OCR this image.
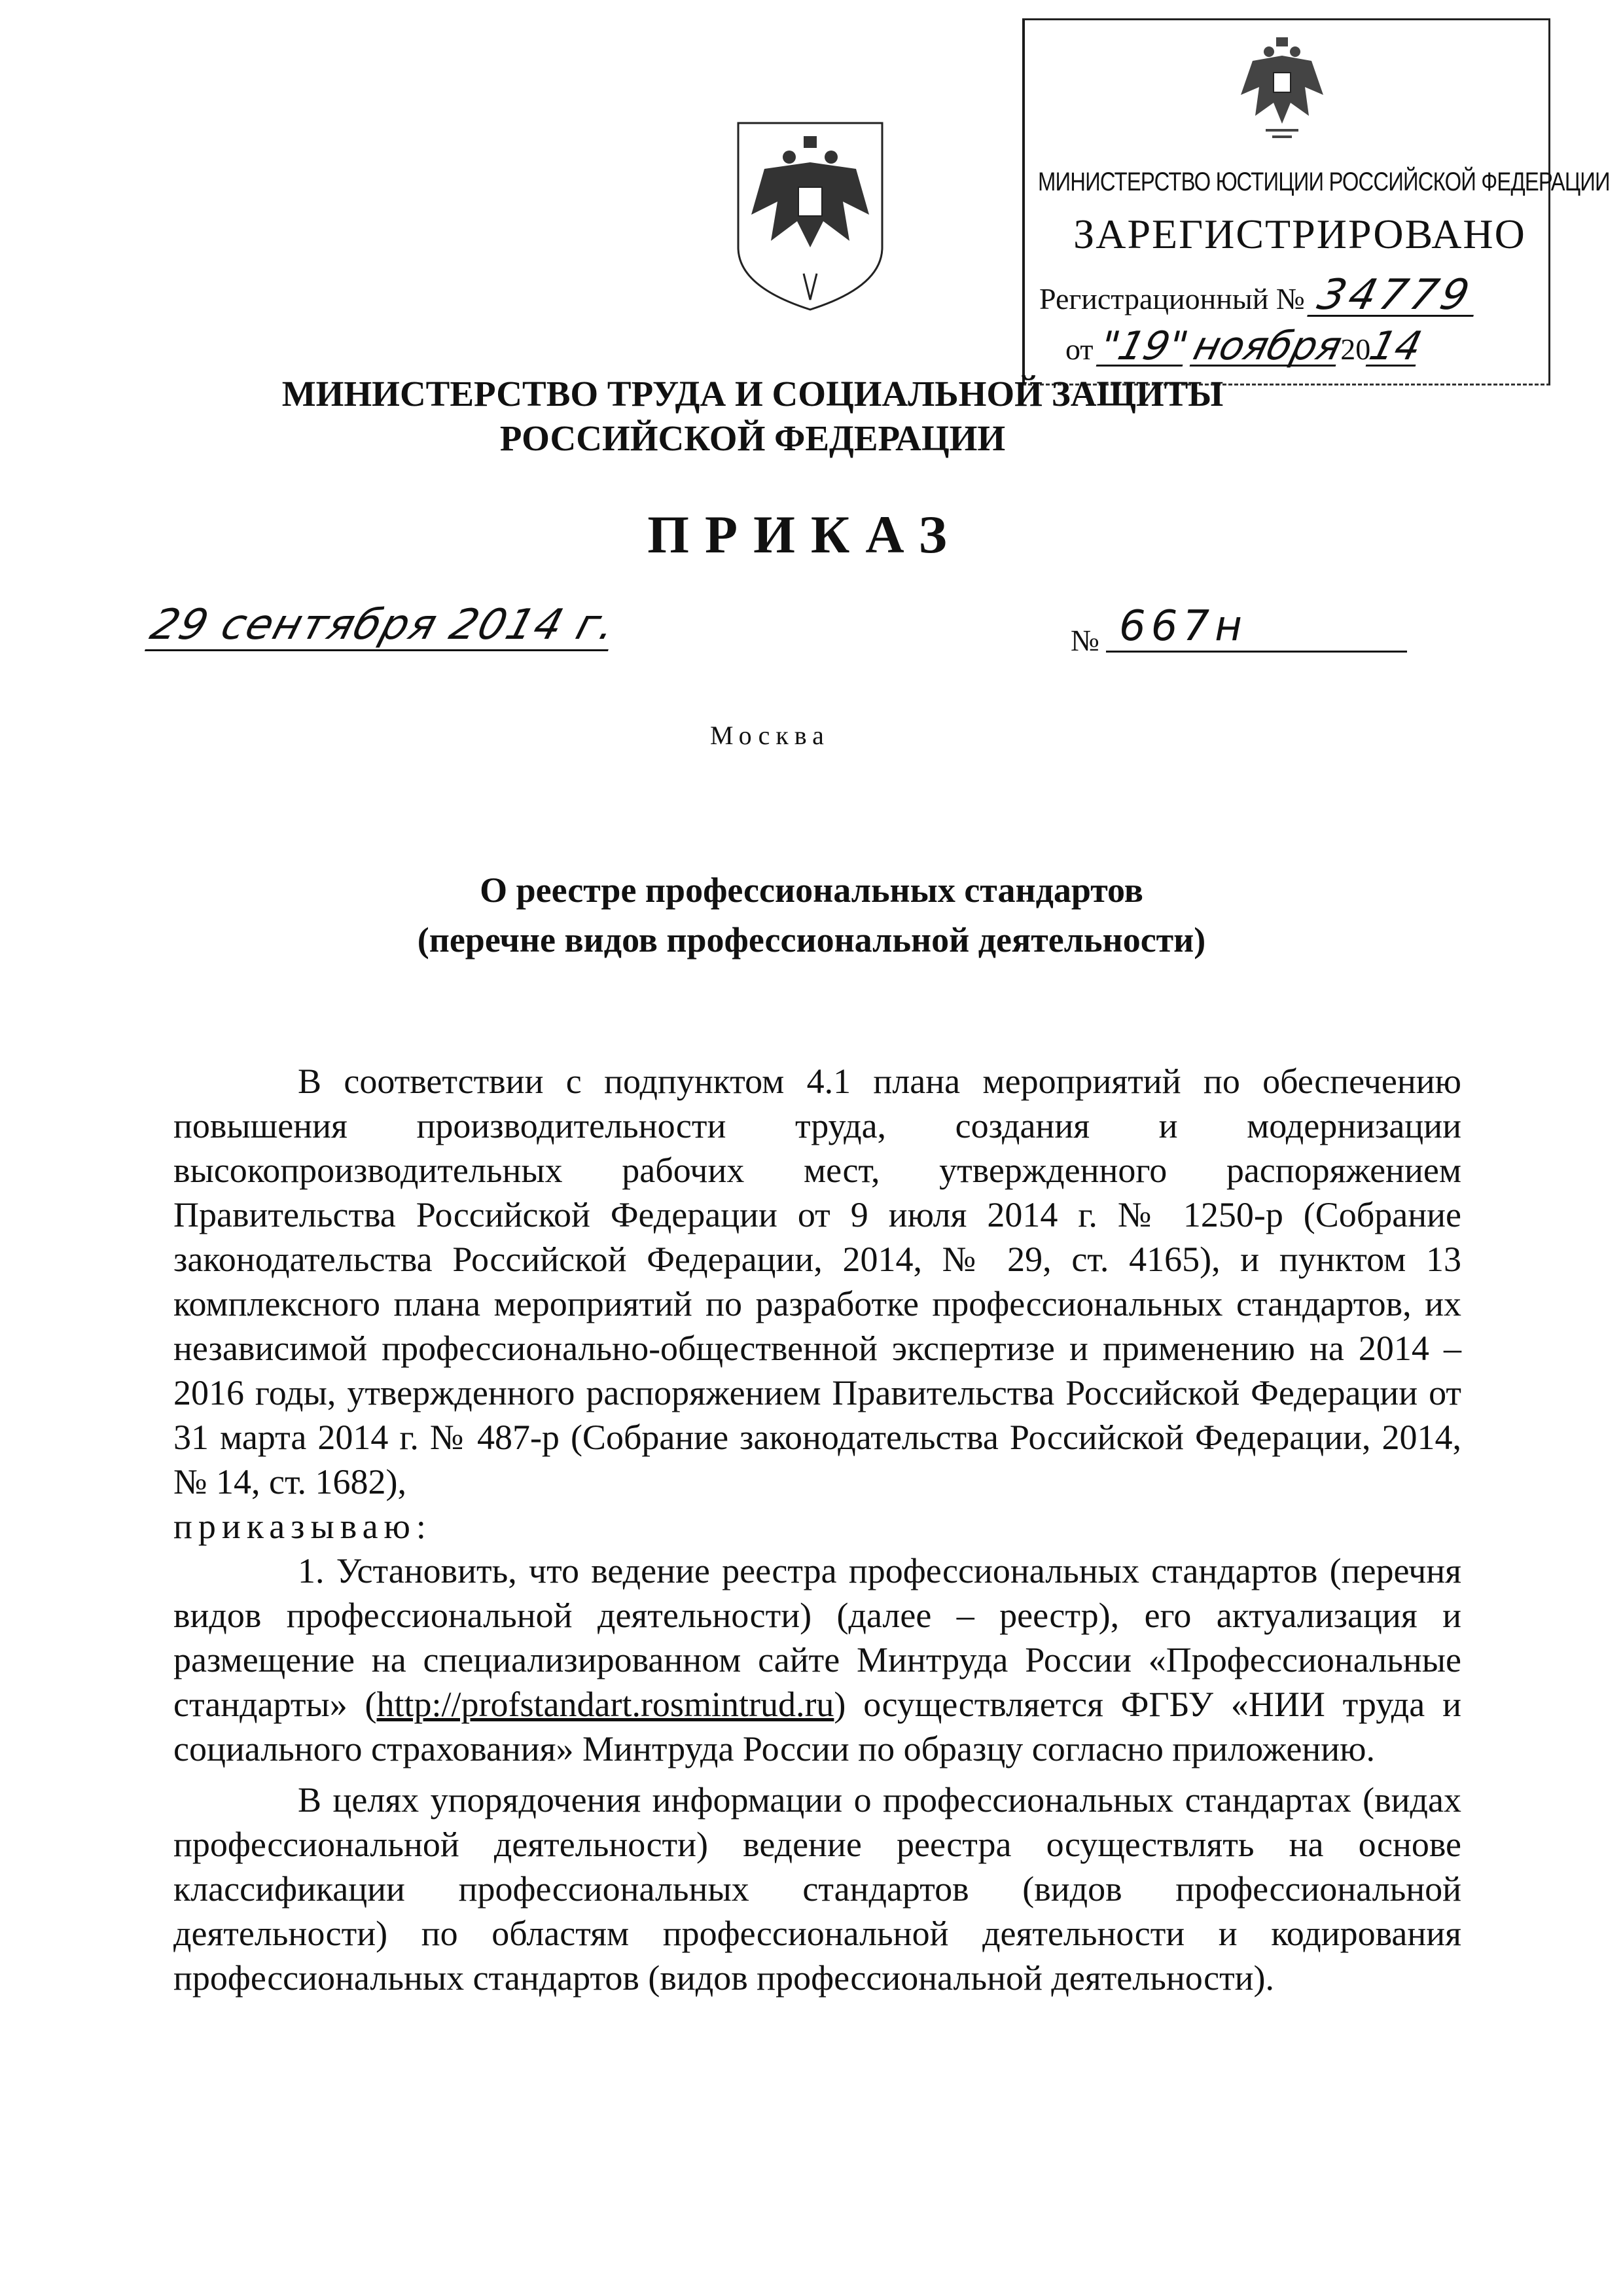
МИНИСТЕРСТВО ЮСТИЦИИ РОССИЙСКОЙ ФЕДЕРАЦИИ
ЗАРЕГИСТРИРОВАНО
Регистрационный № 34779
от "19" ноября2014
МИНИСТЕРСТВО ТРУДА И СОЦИАЛЬНОЙ ЗАЩИТЫ
РОССИЙСКОЙ ФЕДЕРАЦИИ
ПРИКАЗ
29 сентября 2014 г.	№ 667н
Москва
О реестре профессиональных стандартов
(перечне видов профессиональной деятельности)

В соответствии с подпунктом 4.1 плана мероприятий по обеспечению повышения производительности труда, создания и модернизации высокопроизводительных рабочих мест, утвержденного распоряжением Правительства Российской Федерации от 9 июля 2014 г. № 1250-р (Собрание законодательства Российской Федерации, 2014, № 29, ст. 4165), и пунктом 13 комплексного плана мероприятий по разработке профессиональных стандартов, их независимой профессионально-общественной экспертизе и применению на 2014 – 2016 годы, утвержденного распоряжением Правительства Российской Федерации от 31 марта 2014 г. № 487-р (Собрание законодательства Российской Федерации, 2014, № 14, ст. 1682),

приказываю:

1. Установить, что ведение реестра профессиональных стандартов (перечня видов профессиональной деятельности) (далее – реестр), его актуализация и размещение на специализированном сайте Минтруда России «Профессиональные стандарты» (http://profstandart.rosmintrud.ru) осуществляется ФГБУ «НИИ труда и социального страхования» Минтруда России по образцу согласно приложению.

В целях упорядочения информации о профессиональных стандартах (видах профессиональной деятельности) ведение реестра осуществлять на основе классификации профессиональных стандартов (видов профессиональной деятельности) по областям профессиональной деятельности и кодирования профессиональных стандартов (видов профессиональной деятельности).
